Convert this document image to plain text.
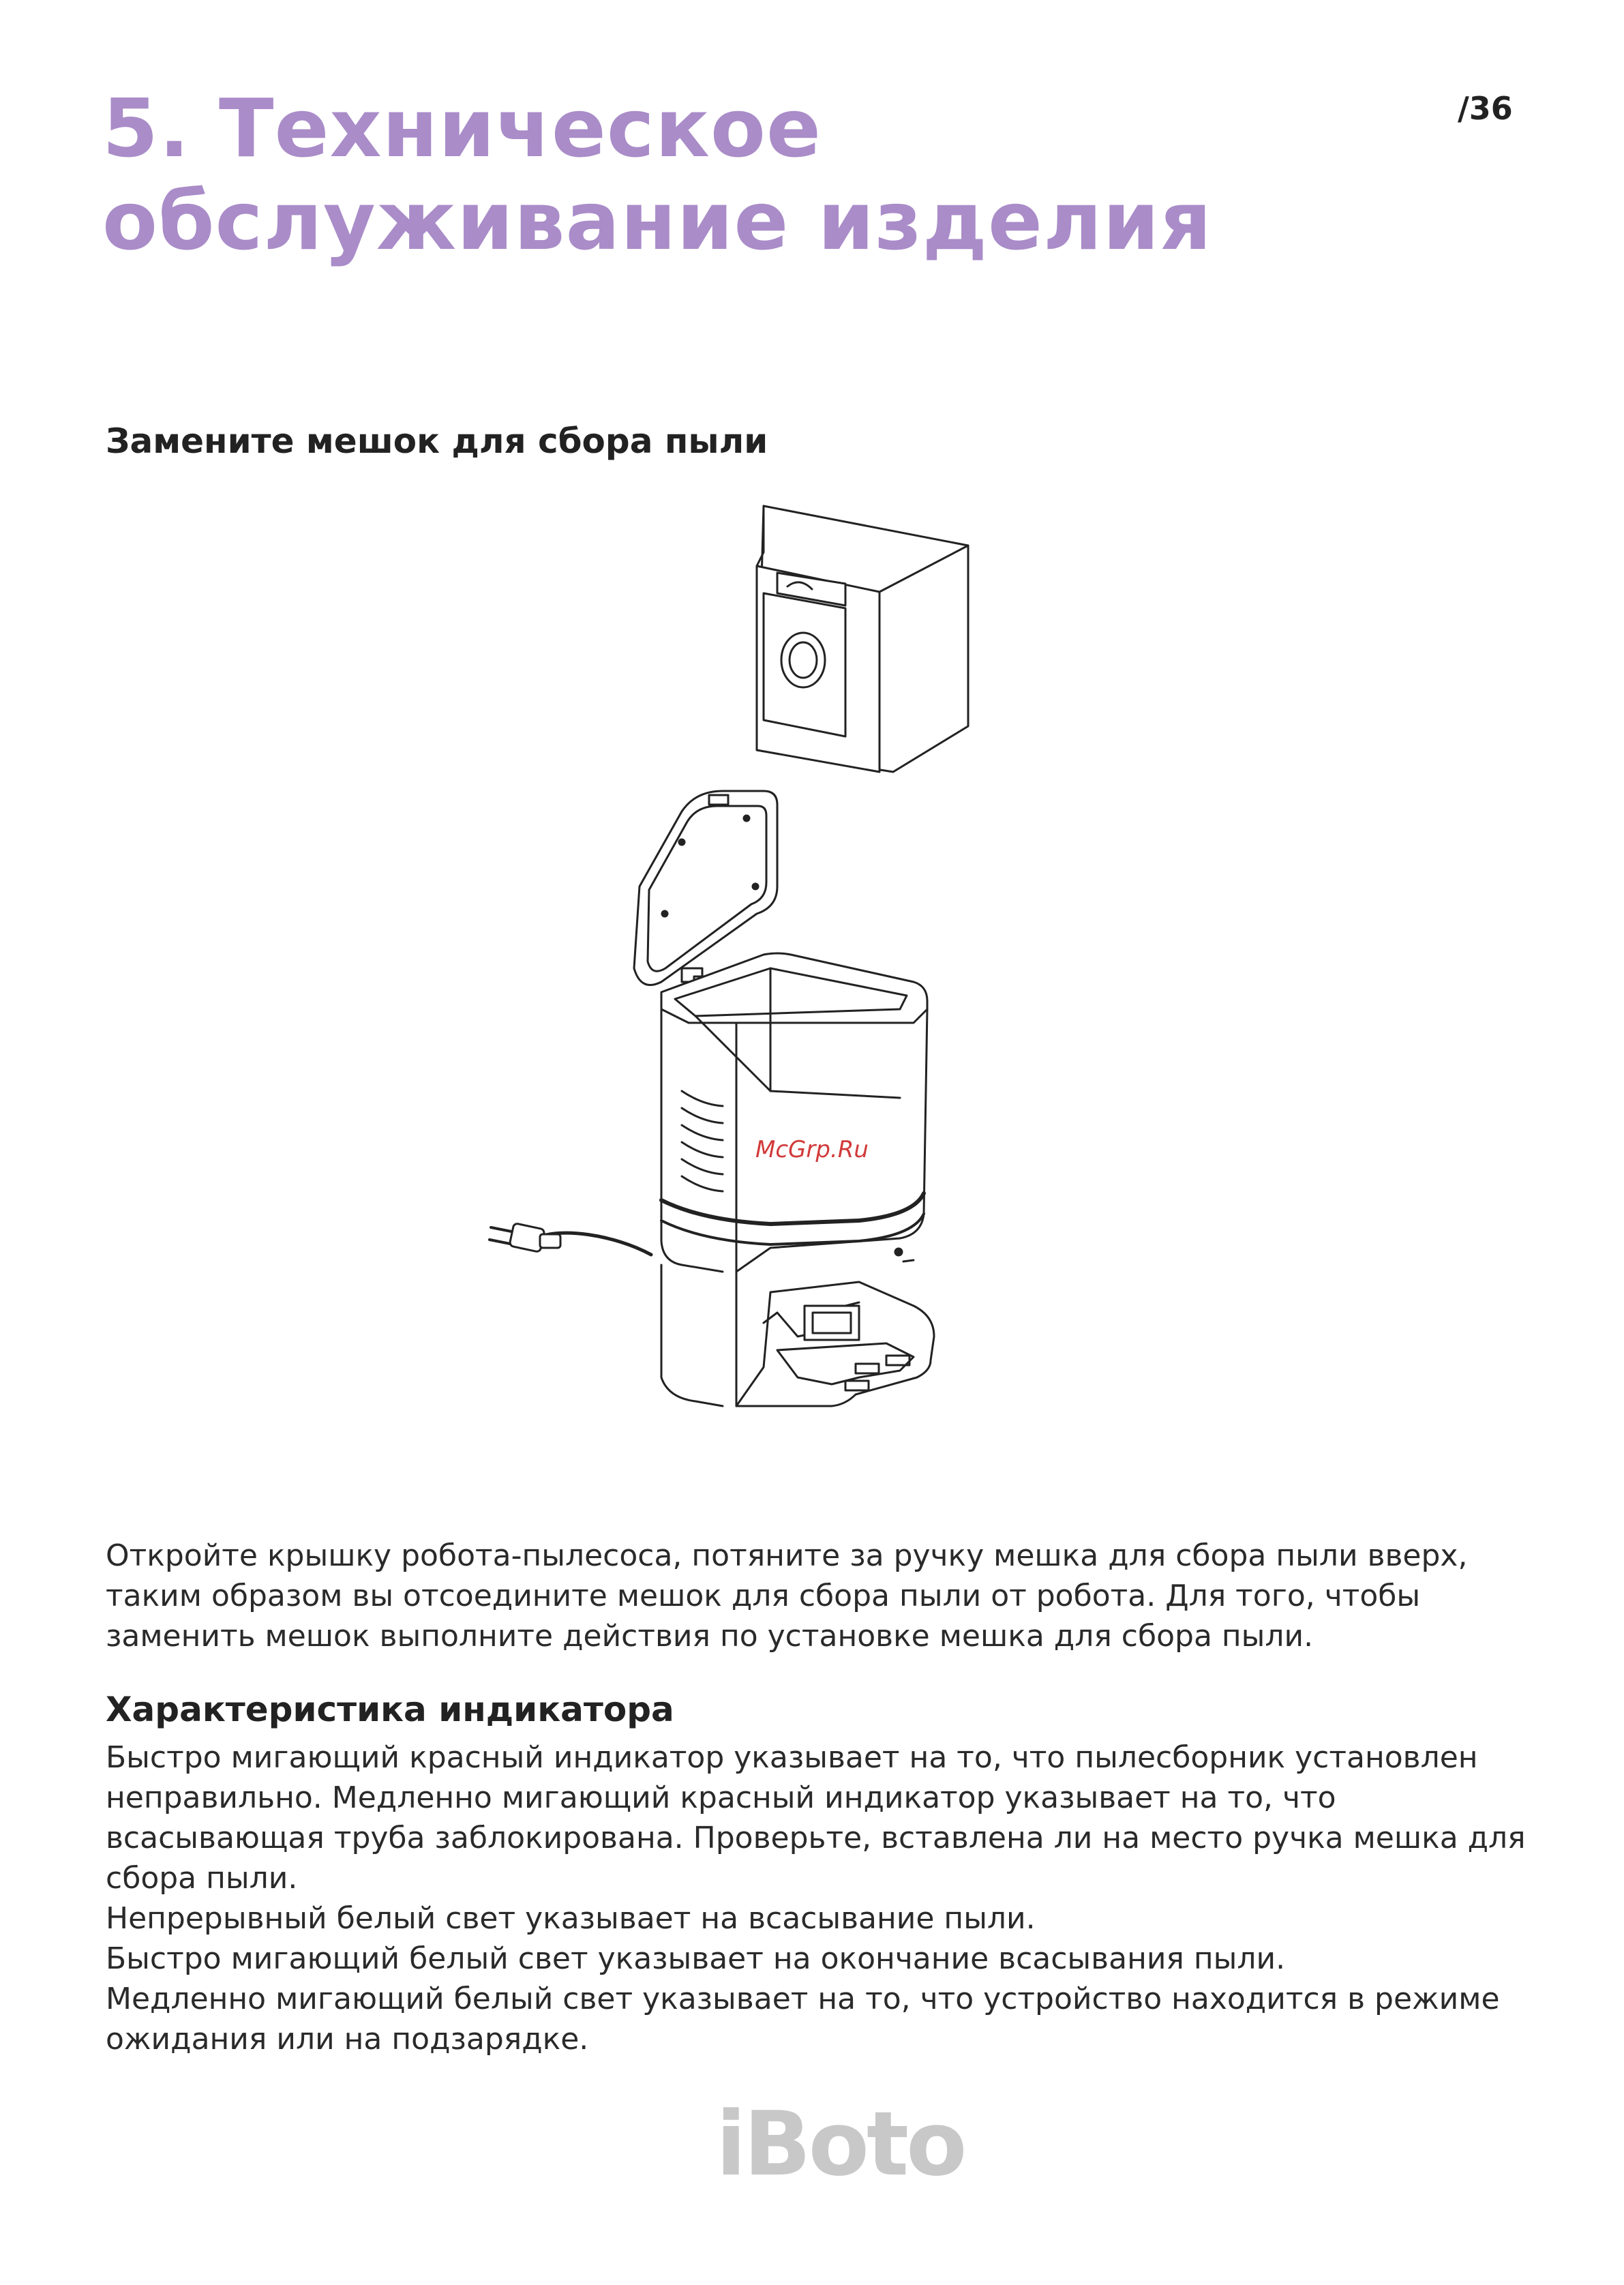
5. Техническое обслуживание изделия
/36
Замените мешок для сбора пыли
McGrp.Ru

Откройте крышку робота-пылесоса, потяните за ручку мешка для сбора пыли вверх, таким образом вы отсоедините мешок для сбора пыли от робота. Для того, чтобы заменить мешок выполните действия по установке мешка для сбора пыли.

Характеристика индикатора

Быстро мигающий красный индикатор указывает на то, что пылесборник установлен неправильно. Медленно мигающий красный индикатор указывает на то, что всасывающая труба заблокирована. Проверьте, вставлена ли на место ручка мешка для сбора пыли.

Непрерывный белый свет указывает на всасывание пыли.

Быстро мигающий белый свет указывает на окончание всасывания пыли.

Медленно мигающий белый свет указывает на то, что устройство находится в режиме ожидания или на подзарядке.

iBoto
